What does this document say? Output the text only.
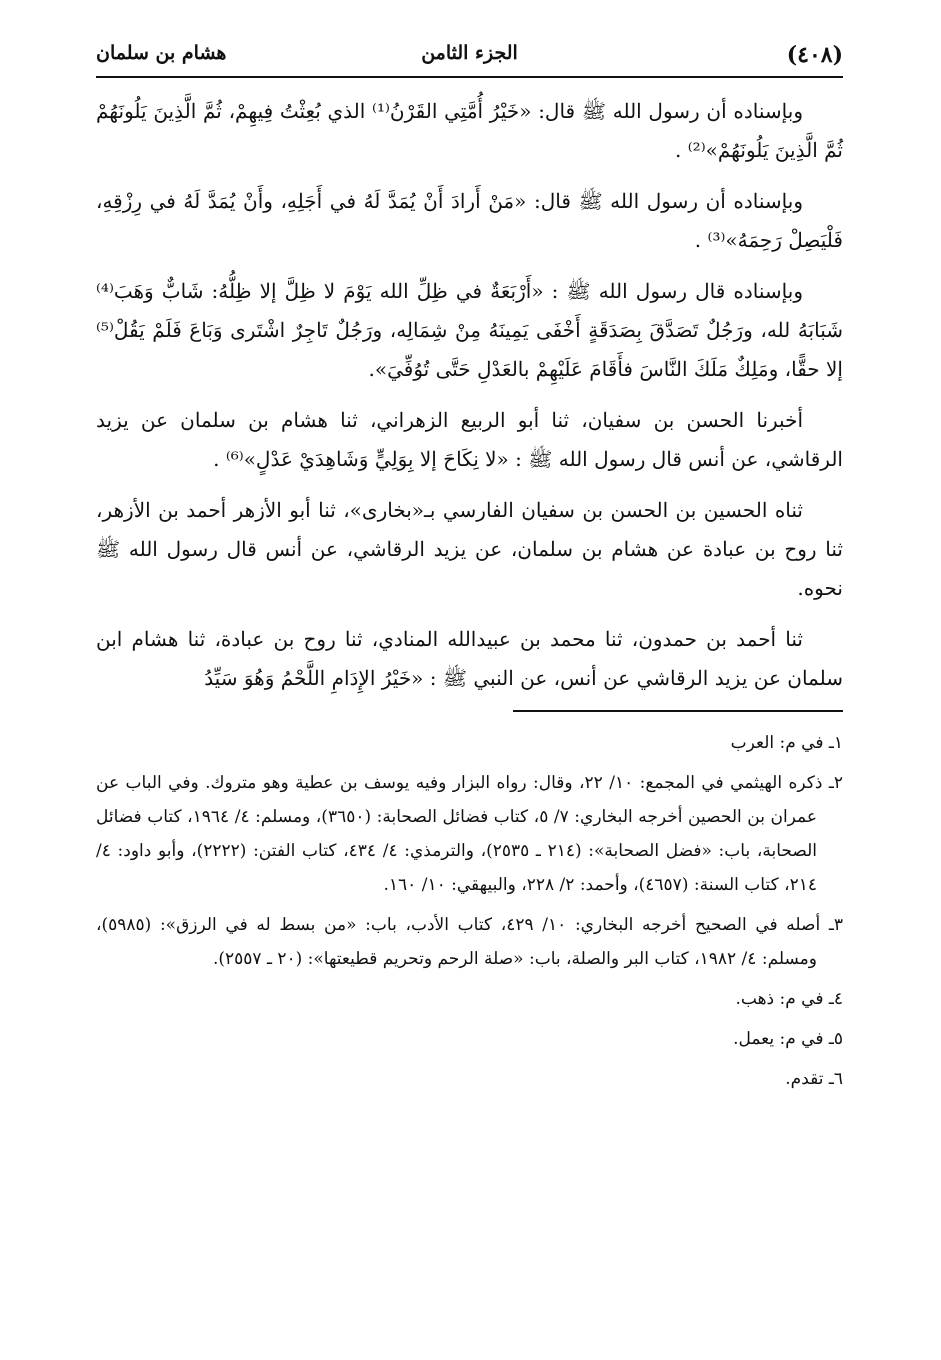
(٤٠٨)
الجزء الثامن
هشام بن سلمان

وبإسناده أن رسول الله ﷺ قال: «خَيْرُ أُمَّتِي القَرْنُ⁽¹⁾ الذي بُعِثْتُ فِيهِمْ، ثُمَّ الَّذِينَ يَلُونَهُمْ ثُمَّ الَّذِينَ يَلُونَهُمْ»⁽²⁾ .

وبإسناده أن رسول الله ﷺ قال: «مَنْ أَرادَ أَنْ يُمَدَّ لَهُ في أَجَلِهِ، وأَنْ يُمَدَّ لَهُ في رِزْقِهِ، فَلْيَصِلْ رَحِمَهُ»⁽³⁾ .

وبإسناده قال رسول الله ﷺ : «أَرْبَعَةٌ في ظِلِّ الله يَوْمَ لا ظِلَّ إلا ظِلُّهُ: شَابٌّ وَهَبَ⁽⁴⁾ شَبَابَهُ لله، ورَجُلٌ تَصَدَّقَ بِصَدَقَةٍ أَخْفَى يَمِينَهُ مِنْ شِمَالِه، ورَجُلٌ تَاجِرٌ اشْتَرى وَبَاعَ فَلَمْ يَقُلْ⁽⁵⁾ إلا حقًّا، ومَلِكٌ مَلَكَ النَّاسَ فأَقَامَ عَلَيْهِمْ بالعَدْلِ حَتَّى تُوُفِّيَ».

أخبرنا الحسن بن سفيان، ثنا أبو الربيع الزهراني، ثنا هشام بن سلمان عن يزيد الرقاشي، عن أنس قال رسول الله ﷺ : «لا نِكَاحَ إلا بِوَلِيٍّ وَشَاهِدَيْ عَدْلٍ»⁽⁶⁾ .

ثناه الحسين بن الحسن بن سفيان الفارسي بـ«بخارى»، ثنا أبو الأزهر أحمد بن الأزهر، ثنا روح بن عبادة عن هشام بن سلمان، عن يزيد الرقاشي، عن أنس قال رسول الله ﷺ نحوه.

ثنا أحمد بن حمدون، ثنا محمد بن عبيدالله المنادي، ثنا روح بن عبادة، ثنا هشام ابن سلمان عن يزيد الرقاشي عن أنس، عن النبي ﷺ : «خَيْرُ الإِدَامِ اللَّحْمُ وَهُوَ سَيِّدُ

١ـ في م: العرب

٢ـ ذكره الهيثمي في المجمع: ١٠/ ٢٢، وقال: رواه البزار وفيه يوسف بن عطية وهو متروك. وفي الباب عن عمران بن الحصين أخرجه البخاري: ٧/ ٥، كتاب فضائل الصحابة: (٣٦٥٠)، ومسلم: ٤/ ١٩٦٤، كتاب فضائل الصحابة، باب: «فضل الصحابة»: (٢١٤ ـ ٢٥٣٥)، والترمذي: ٤/ ٤٣٤، كتاب الفتن: (٢٢٢٢)، وأبو داود: ٤/ ٢١٤، كتاب السنة: (٤٦٥٧)، وأحمد: ٢/ ٢٢٨، والبيهقي: ١٠/ ١٦٠.

٣ـ أصله في الصحيح أخرجه البخاري: ١٠/ ٤٢٩، كتاب الأدب، باب: «من بسط له في الرزق»: (٥٩٨٥)، ومسلم: ٤/ ١٩٨٢، كتاب البر والصلة، باب: «صلة الرحم وتحريم قطيعتها»: (٢٠ ـ ٢٥٥٧).

٤ـ في م: ذهب.

٥ـ في م: يعمل.

٦ـ تقدم.
